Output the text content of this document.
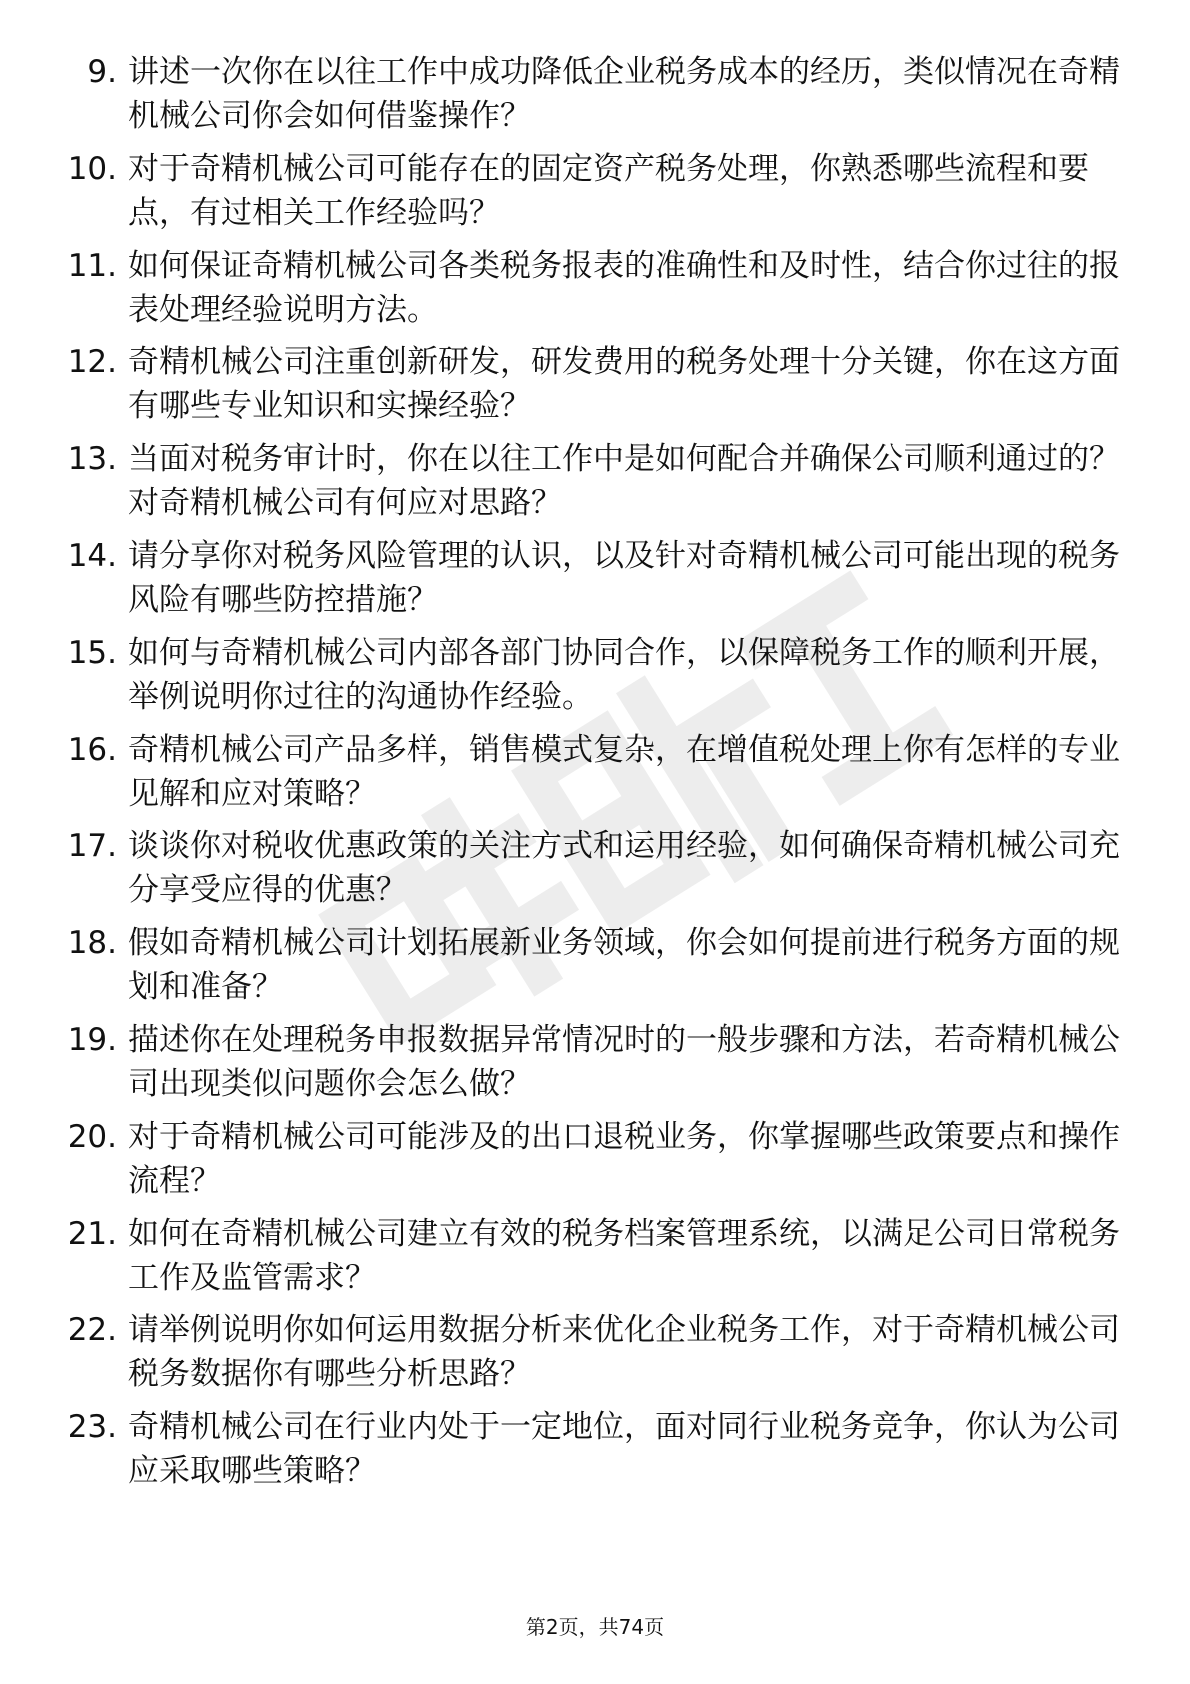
9. 讲述一次你在以往工作中成功降低企业税务成本的经历，类似情况在奇精机械公司你会如何借鉴操作？

10. 对于奇精机械公司可能存在的固定资产税务处理，你熟悉哪些流程和要点，有过相关工作经验吗？

11. 如何保证奇精机械公司各类税务报表的准确性和及时性，结合你过往的报表处理经验说明方法。

12. 奇精机械公司注重创新研发，研发费用的税务处理十分关键，你在这方面有哪些专业知识和实操经验？

13. 当面对税务审计时，你在以往工作中是如何配合并确保公司顺利通过的？对奇精机械公司有何应对思路？

14. 请分享你对税务风险管理的认识，以及针对奇精机械公司可能出现的税务风险有哪些防控措施？

15. 如何与奇精机械公司内部各部门协同合作，以保障税务工作的顺利开展，举例说明你过往的沟通协作经验。

16. 奇精机械公司产品多样，销售模式复杂，在增值税处理上你有怎样的专业见解和应对策略？

17. 谈谈你对税收优惠政策的关注方式和运用经验，如何确保奇精机械公司充分享受应得的优惠？

18. 假如奇精机械公司计划拓展新业务领域，你会如何提前进行税务方面的规划和准备？

19. 描述你在处理税务申报数据异常情况时的一般步骤和方法，若奇精机械公司出现类似问题你会怎么做？

20. 对于奇精机械公司可能涉及的出口退税业务，你掌握哪些政策要点和操作流程？

21. 如何在奇精机械公司建立有效的税务档案管理系统，以满足公司日常税务工作及监管需求？

22. 请举例说明你如何运用数据分析来优化企业税务工作，对于奇精机械公司税务数据你有哪些分析思路？

23. 奇精机械公司在行业内处于一定地位，面对同行业税务竞争，你认为公司应采取哪些策略？

第2页，共74页
